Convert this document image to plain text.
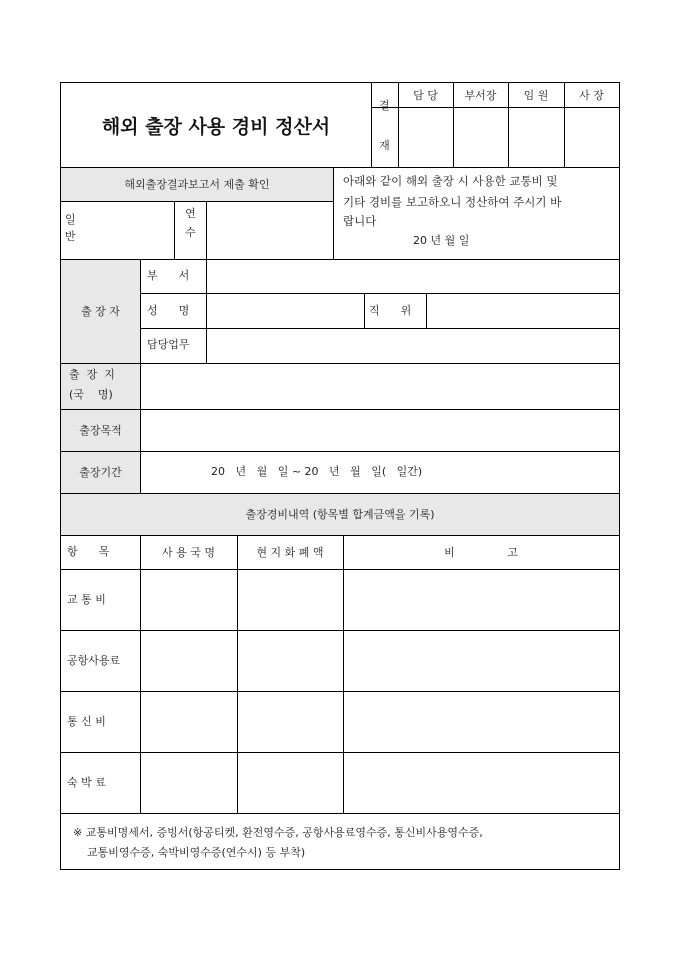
해외 출장 사용 경비 정산서
결
재
담 당	부서장	임 원	사 장
해외출장결과보고서 제출 확인
일
반
연
수
아래와 같이 해외 출장 시 사용한 교통비 및
기타 경비를 보고하오니 정산하여 주시기 바
랍니다
20 년 월 일
출 장 자
부      서
성      명	직      위
담당업무
출  장  지
(국    명)
출장목적
출장기간	20   년   월   일 ~ 20   년   월   일(   일간)
출장경비내역 (항목별 합계금액을 기록)
항      목	사 용 국 명	현 지 화 폐 액	비               고
교 통 비
공항사용료
통 신 비
숙 박 료
※ 교통비명세서, 증빙서(항공티켓, 환전영수증, 공항사용료영수증, 통신비사용영수증,
교통비영수증, 숙박비영수증(연수시) 등 부착)
